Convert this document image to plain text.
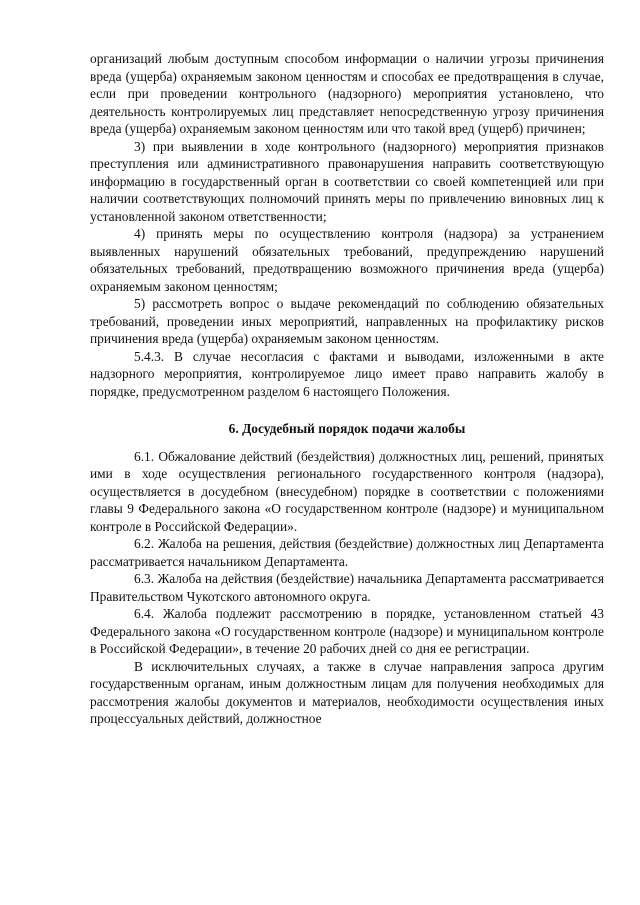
организаций любым доступным способом информации о наличии угрозы причинения вреда (ущерба) охраняемым законом ценностям и способах ее предотвращения в случае, если при проведении контрольного (надзорного) мероприятия установлено, что деятельность контролируемых лиц представляет непосредственную угрозу причинения вреда (ущерба) охраняемым законом ценностям или что такой вред (ущерб) причинен;

3) при выявлении в ходе контрольного (надзорного) мероприятия признаков преступления или административного правонарушения направить соответствующую информацию в государственный орган в соответствии со своей компетенцией или при наличии соответствующих полномочий принять меры по привлечению виновных лиц к установленной законом ответственности;

4) принять меры по осуществлению контроля (надзора) за устранением выявленных нарушений обязательных требований, предупреждению нарушений обязательных требований, предотвращению возможного причинения вреда (ущерба) охраняемым законом ценностям;

5) рассмотреть вопрос о выдаче рекомендаций по соблюдению обязательных требований, проведении иных мероприятий, направленных на профилактику рисков причинения вреда (ущерба) охраняемым законом ценностям.

5.4.3. В случае несогласия с фактами и выводами, изложенными в акте надзорного мероприятия, контролируемое лицо имеет право направить жалобу в порядке, предусмотренном разделом 6 настоящего Положения.

6. Досудебный порядок подачи жалобы

6.1. Обжалование действий (бездействия) должностных лиц, решений, принятых ими в ходе осуществления регионального государственного контроля (надзора), осуществляется в досудебном (внесудебном) порядке в соответствии с положениями главы 9 Федерального закона «О государственном контроле (надзоре) и муниципальном контроле в Российской Федерации».

6.2. Жалоба на решения, действия (бездействие) должностных лиц Департамента рассматривается начальником Департамента.

6.3. Жалоба на действия (бездействие) начальника Департамента рассматривается Правительством Чукотского автономного округа.

6.4. Жалоба подлежит рассмотрению в порядке, установленном статьей 43 Федерального закона «О государственном контроле (надзоре) и муниципальном контроле в Российской Федерации», в течение 20 рабочих дней со дня ее регистрации.

В исключительных случаях, а также в случае направления запроса другим государственным органам, иным должностным лицам для получения необходимых для рассмотрения жалобы документов и материалов, необходимости осуществления иных процессуальных действий, должностное
